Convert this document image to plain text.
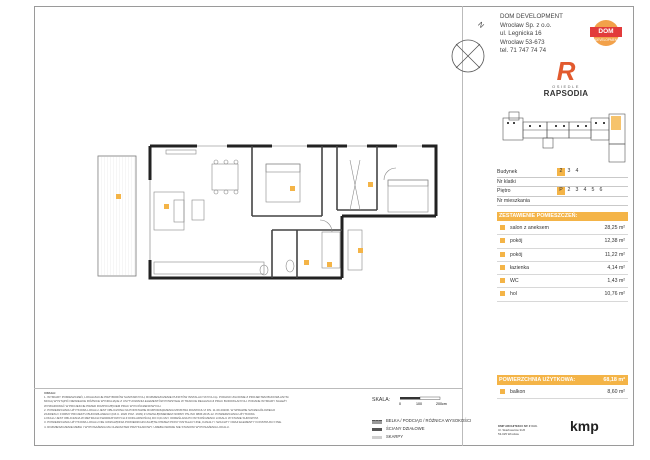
N
DOM DEVELOPMENT
Wrocław Sp. z o.o.
ul. Legnicka 16
Wrocław 53-673
tel. 71 747 74 74
DOM
DEVELOPMENT
R
OSIEDLE
RAPSODIA
Budynek	2 3 4
Nr klatki
Piętro	P 2 3 4 5 6
Nr mieszkania
ZESTAWIENIE POMIESZCZEŃ:
salon z aneksem	28,25 m²
pokój	12,38 m²
pokój	11,22 m²
łazienka	4,14 m²
WC	1,43 m²
hol	10,76 m²
POWIERZCHNIA UŻYTKOWA:	68,18 m²
balkon	8,60 m²
UWAGA:
1. WYMIARY POMIESZCZEŃ, LOKALIZACJE PRZYBORÓW SANITARNYCH, ROZMIESZCZENIE PUNKTÓW INSTALACYJNYCH itp. PODANO ZGODNIE Z PROJEKTEM BUDOWLANYM.
MOGĄ WYSTĄPIĆ NIEWIELKIE RÓŻNICE WYNIKAJĄCE Z USYTUOWANIA ELEMENTÓW POWSTAŁE W TRAKCIE REALIZACJI PRAC BUDOWLANYCH. PODANE WYMIARY NALEŻY
WYMIAROWAĆ W PROJEKCIE PRZED ROZPOCZĘCIEM PRAC WYKOŃCZENIOWYCH.
2. POWIERZCHNIA UŻYTKOWA LOKALU JEST OBLICZONA NA PODSTAWIE ROZPORZĄDZENIA MINISTRA ROZWOJU Z DN. 11.09.2020R. W SPRAWIE SZCZEGÓŁOWEGO
ZAKRESU I FORMY PROJEKTU BUDOWLANEGO (DZ.U. 2020 POZ. 1609) Z UWZGLĘDNIENIEM NORMY PN-ISO 9836:2015-12. POWIERZCHNIA UŻYTKOWA
LOKALU JEST OBLICZANA W METRACH KWADRATOWYCH Z DOKŁADNOŚCIĄ DO 0,01 M2 I OKREŚLANA PO WYKOŃCZENIU LOKALU W STANIE SUROWYM.
3. POWIERZCHNIA UŻYTKOWA LOKALU NIE UWZGLĘDNIA POWIERZCHNI ZAJĘTEJ PRZEZ PIONY INSTALACYJNE, KANAŁY I SZACHTY ORAZ ELEMENTY KONSTRUKCYJNE.
4. ROZMIESZCZENIE MEBLI I WYPOSAŻENIA MA CHARAKTER PRZYKŁADOWY. UMEBLOWANIE NIE STANOWI WYPOSAŻENIA LOKALU.
SKALA:
0	100	200cm
BELKA / PODCIĄG / RÓŻNICA WYSOKOŚCI
ŚCIANY DZIAŁOWE
SKARPY
KMP ARCHITEKCI SP. Z O.O.
Ul. Skarbowców 31/6
53-025 Wrocław
kmp
